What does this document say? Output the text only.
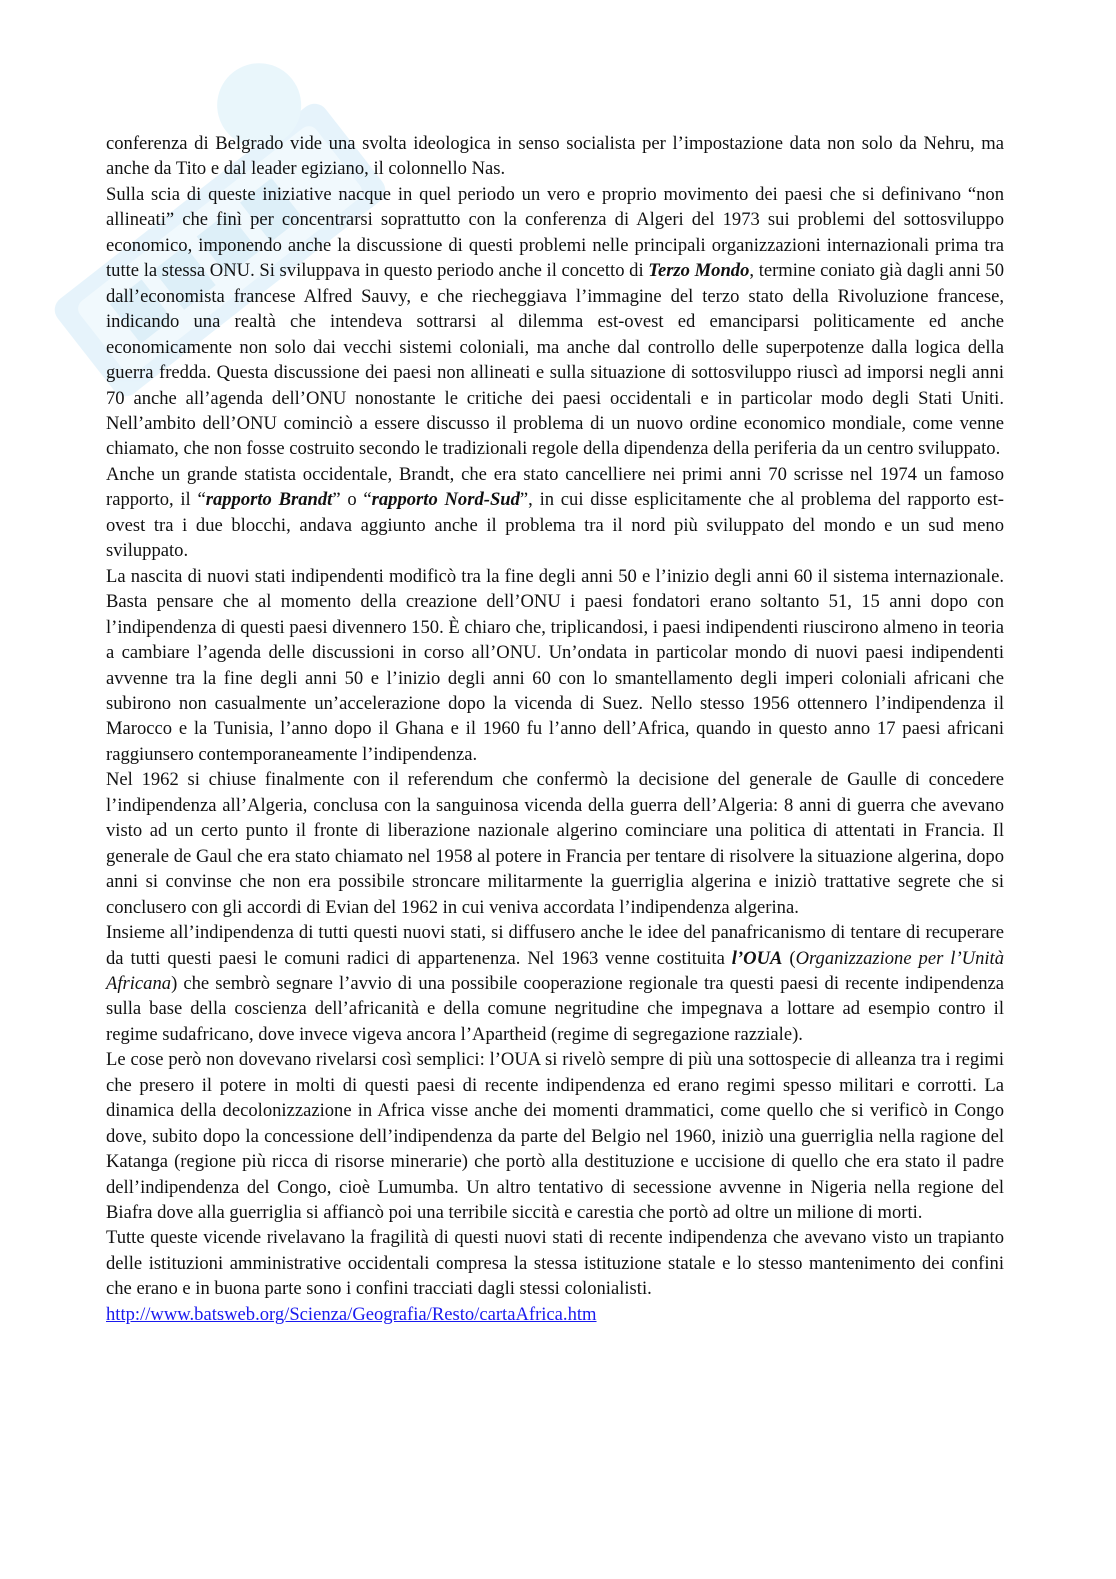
conferenza di Belgrado vide una svolta ideologica in senso socialista per l’impostazione data non solo da Nehru, ma anche da Tito e dal leader egiziano, il colonnello Nas.

Sulla scia di queste iniziative nacque in quel periodo un vero e proprio movimento dei paesi che si definivano “non allineati” che finì per concentrarsi soprattutto con la conferenza di Algeri del 1973 sui problemi del sottosviluppo economico, imponendo anche la discussione di questi problemi nelle principali organizzazioni internazionali prima tra tutte la stessa ONU. Si sviluppava in questo periodo anche il concetto di Terzo Mondo, termine coniato già dagli anni 50 dall’economista francese Alfred Sauvy, e che riecheggiava l’immagine del terzo stato della Rivoluzione francese, indicando una realtà che intendeva sottrarsi al dilemma est-ovest ed emanciparsi politicamente ed anche economicamente non solo dai vecchi sistemi coloniali, ma anche dal controllo delle superpotenze dalla logica della guerra fredda. Questa discussione dei paesi non allineati e sulla situazione di sottosviluppo riuscì ad imporsi negli anni 70 anche all’agenda dell’ONU nonostante le critiche dei paesi occidentali e in particolar modo degli Stati Uniti. Nell’ambito dell’ONU cominciò a essere discusso il problema di un nuovo ordine economico mondiale, come venne chiamato, che non fosse costruito secondo le tradizionali regole della dipendenza della periferia da un centro sviluppato.

Anche un grande statista occidentale, Brandt, che era stato cancelliere nei primi anni 70 scrisse nel 1974 un famoso rapporto, il “rapporto Brandt” o “rapporto Nord-Sud”, in cui disse esplicitamente che al problema del rapporto est-ovest tra i due blocchi, andava aggiunto anche il problema tra il nord più sviluppato del mondo e un sud meno sviluppato.

La nascita di nuovi stati indipendenti modificò tra la fine degli anni 50 e l’inizio degli anni 60 il sistema internazionale. Basta pensare che al momento della creazione dell’ONU i paesi fondatori erano soltanto 51, 15 anni dopo con l’indipendenza di questi paesi divennero 150. È chiaro che, triplicandosi, i paesi indipendenti riuscirono almeno in teoria a cambiare l’agenda delle discussioni in corso all’ONU. Un’ondata in particolar mondo di nuovi paesi indipendenti avvenne tra la fine degli anni 50 e l’inizio degli anni 60 con lo smantellamento degli imperi coloniali africani che subirono non casualmente un’accelerazione dopo la vicenda di Suez. Nello stesso 1956 ottennero l’indipendenza il Marocco e la Tunisia, l’anno dopo il Ghana e il 1960 fu l’anno dell’Africa, quando in questo anno 17 paesi africani raggiunsero contemporaneamente l’indipendenza.

Nel 1962 si chiuse finalmente con il referendum che confermò la decisione del generale de Gaulle di concedere l’indipendenza all’Algeria, conclusa con la sanguinosa vicenda della guerra dell’Algeria: 8 anni di guerra che avevano visto ad un certo punto il fronte di liberazione nazionale algerino cominciare una politica di attentati in Francia. Il generale de Gaul che era stato chiamato nel 1958 al potere in Francia per tentare di risolvere la situazione algerina, dopo anni si convinse che non era possibile stroncare militarmente la guerriglia algerina e iniziò trattative segrete che si conclusero con gli accordi di Evian del 1962 in cui veniva accordata l’indipendenza algerina.

Insieme all’indipendenza di tutti questi nuovi stati, si diffusero anche le idee del panafricanismo di tentare di recuperare da tutti questi paesi le comuni radici di appartenenza. Nel 1963 venne costituita l’OUA (Organizzazione per l’Unità Africana) che sembrò segnare l’avvio di una possibile cooperazione regionale tra questi paesi di recente indipendenza sulla base della coscienza dell’africanità e della comune negritudine che impegnava a lottare ad esempio contro il regime sudafricano, dove invece vigeva ancora l’Apartheid (regime di segregazione razziale).

Le cose però non dovevano rivelarsi così semplici: l’OUA si rivelò sempre di più una sottospecie di alleanza tra i regimi che presero il potere in molti di questi paesi di recente indipendenza ed erano regimi spesso militari e corrotti. La dinamica della decolonizzazione in Africa visse anche dei momenti drammatici, come quello che si verificò in Congo dove, subito dopo la concessione dell’indipendenza da parte del Belgio nel 1960, iniziò una guerriglia nella ragione del Katanga (regione più ricca di risorse minerarie) che portò alla destituzione e uccisione di quello che era stato il padre dell’indipendenza del Congo, cioè Lumumba. Un altro tentativo di secessione avvenne in Nigeria nella regione del Biafra dove alla guerriglia si affiancò poi una terribile siccità e carestia che portò ad oltre un milione di morti.

Tutte queste vicende rivelavano la fragilità di questi nuovi stati di recente indipendenza che avevano visto un trapianto delle istituzioni amministrative occidentali compresa la stessa istituzione statale e lo stesso mantenimento dei confini che erano e in buona parte sono i confini tracciati dagli stessi colonialisti.

http://www.batsweb.org/Scienza/Geografia/Resto/cartaAfrica.htm
